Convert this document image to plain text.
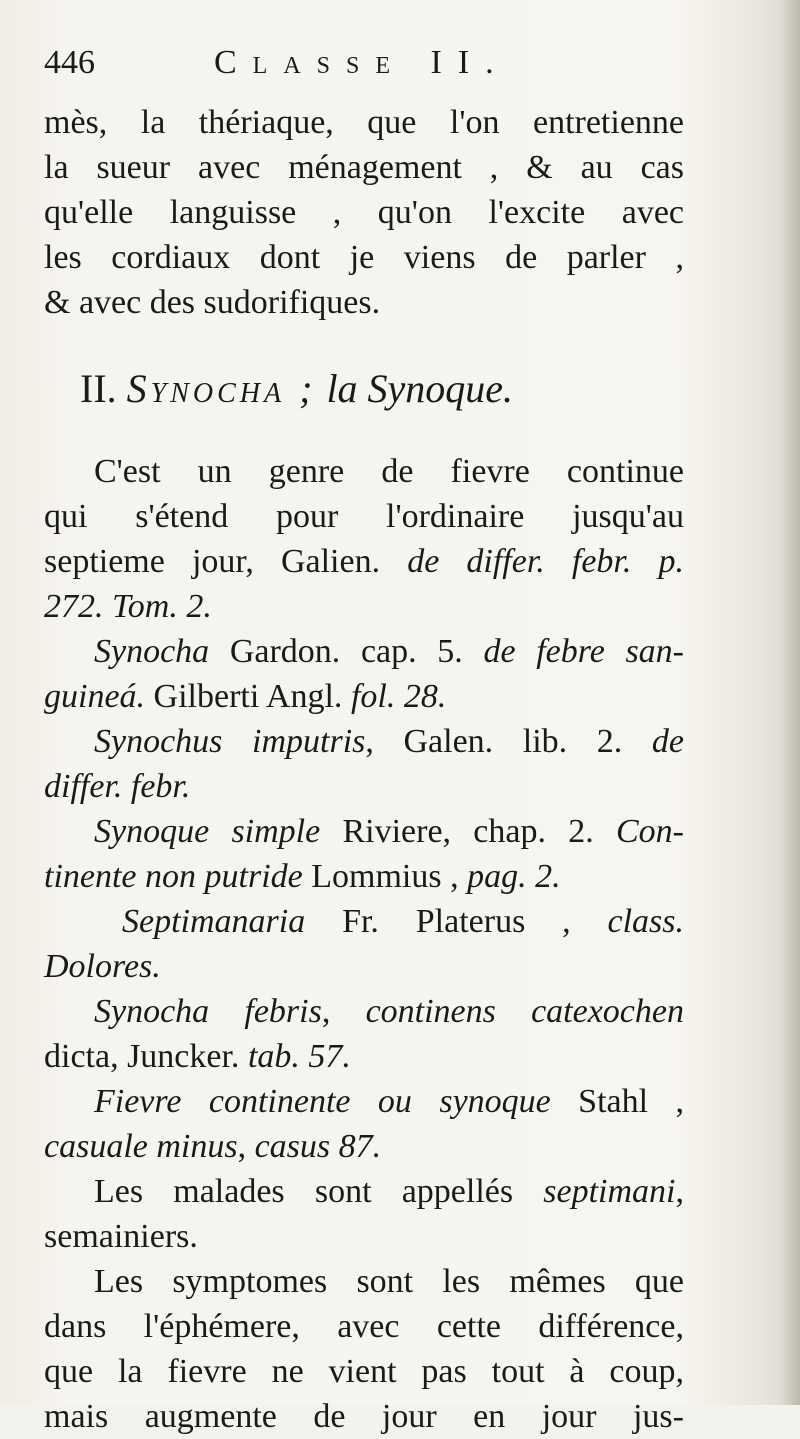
446	Classe II.
mès, la thériaque, que l'on entretienne
la sueur avec ménagement , & au cas
qu'elle languisse , qu'on l'excite avec
les cordiaux dont je viens de parler ,
& avec des sudorifiques.
II. Synocha ; la Synoque.
C'est un genre de fievre continue
qui s'étend pour l'ordinaire jusqu'au
septieme jour, Galien. de differ. febr. p.
272. Tom. 2.
Synocha Gardon. cap. 5. de febre san-
guineá. Gilberti Angl. fol. 28.
Synochus imputris, Galen. lib. 2. de
differ. febr.
Synoque simple Riviere, chap. 2. Con-
tinente non putride Lommius , pag. 2.
Septimanaria Fr. Platerus , class.
Dolores.
Synocha febris, continens catexochen
dicta, Juncker. tab. 57.
Fievre continente ou synoque Stahl ,
casuale minus, casus 87.
Les malades sont appellés septimani,
semainiers.
Les symptomes sont les mêmes que
dans l'éphémere, avec cette différence,
que la fievre ne vient pas tout à coup,
mais augmente de jour en jour jus-
